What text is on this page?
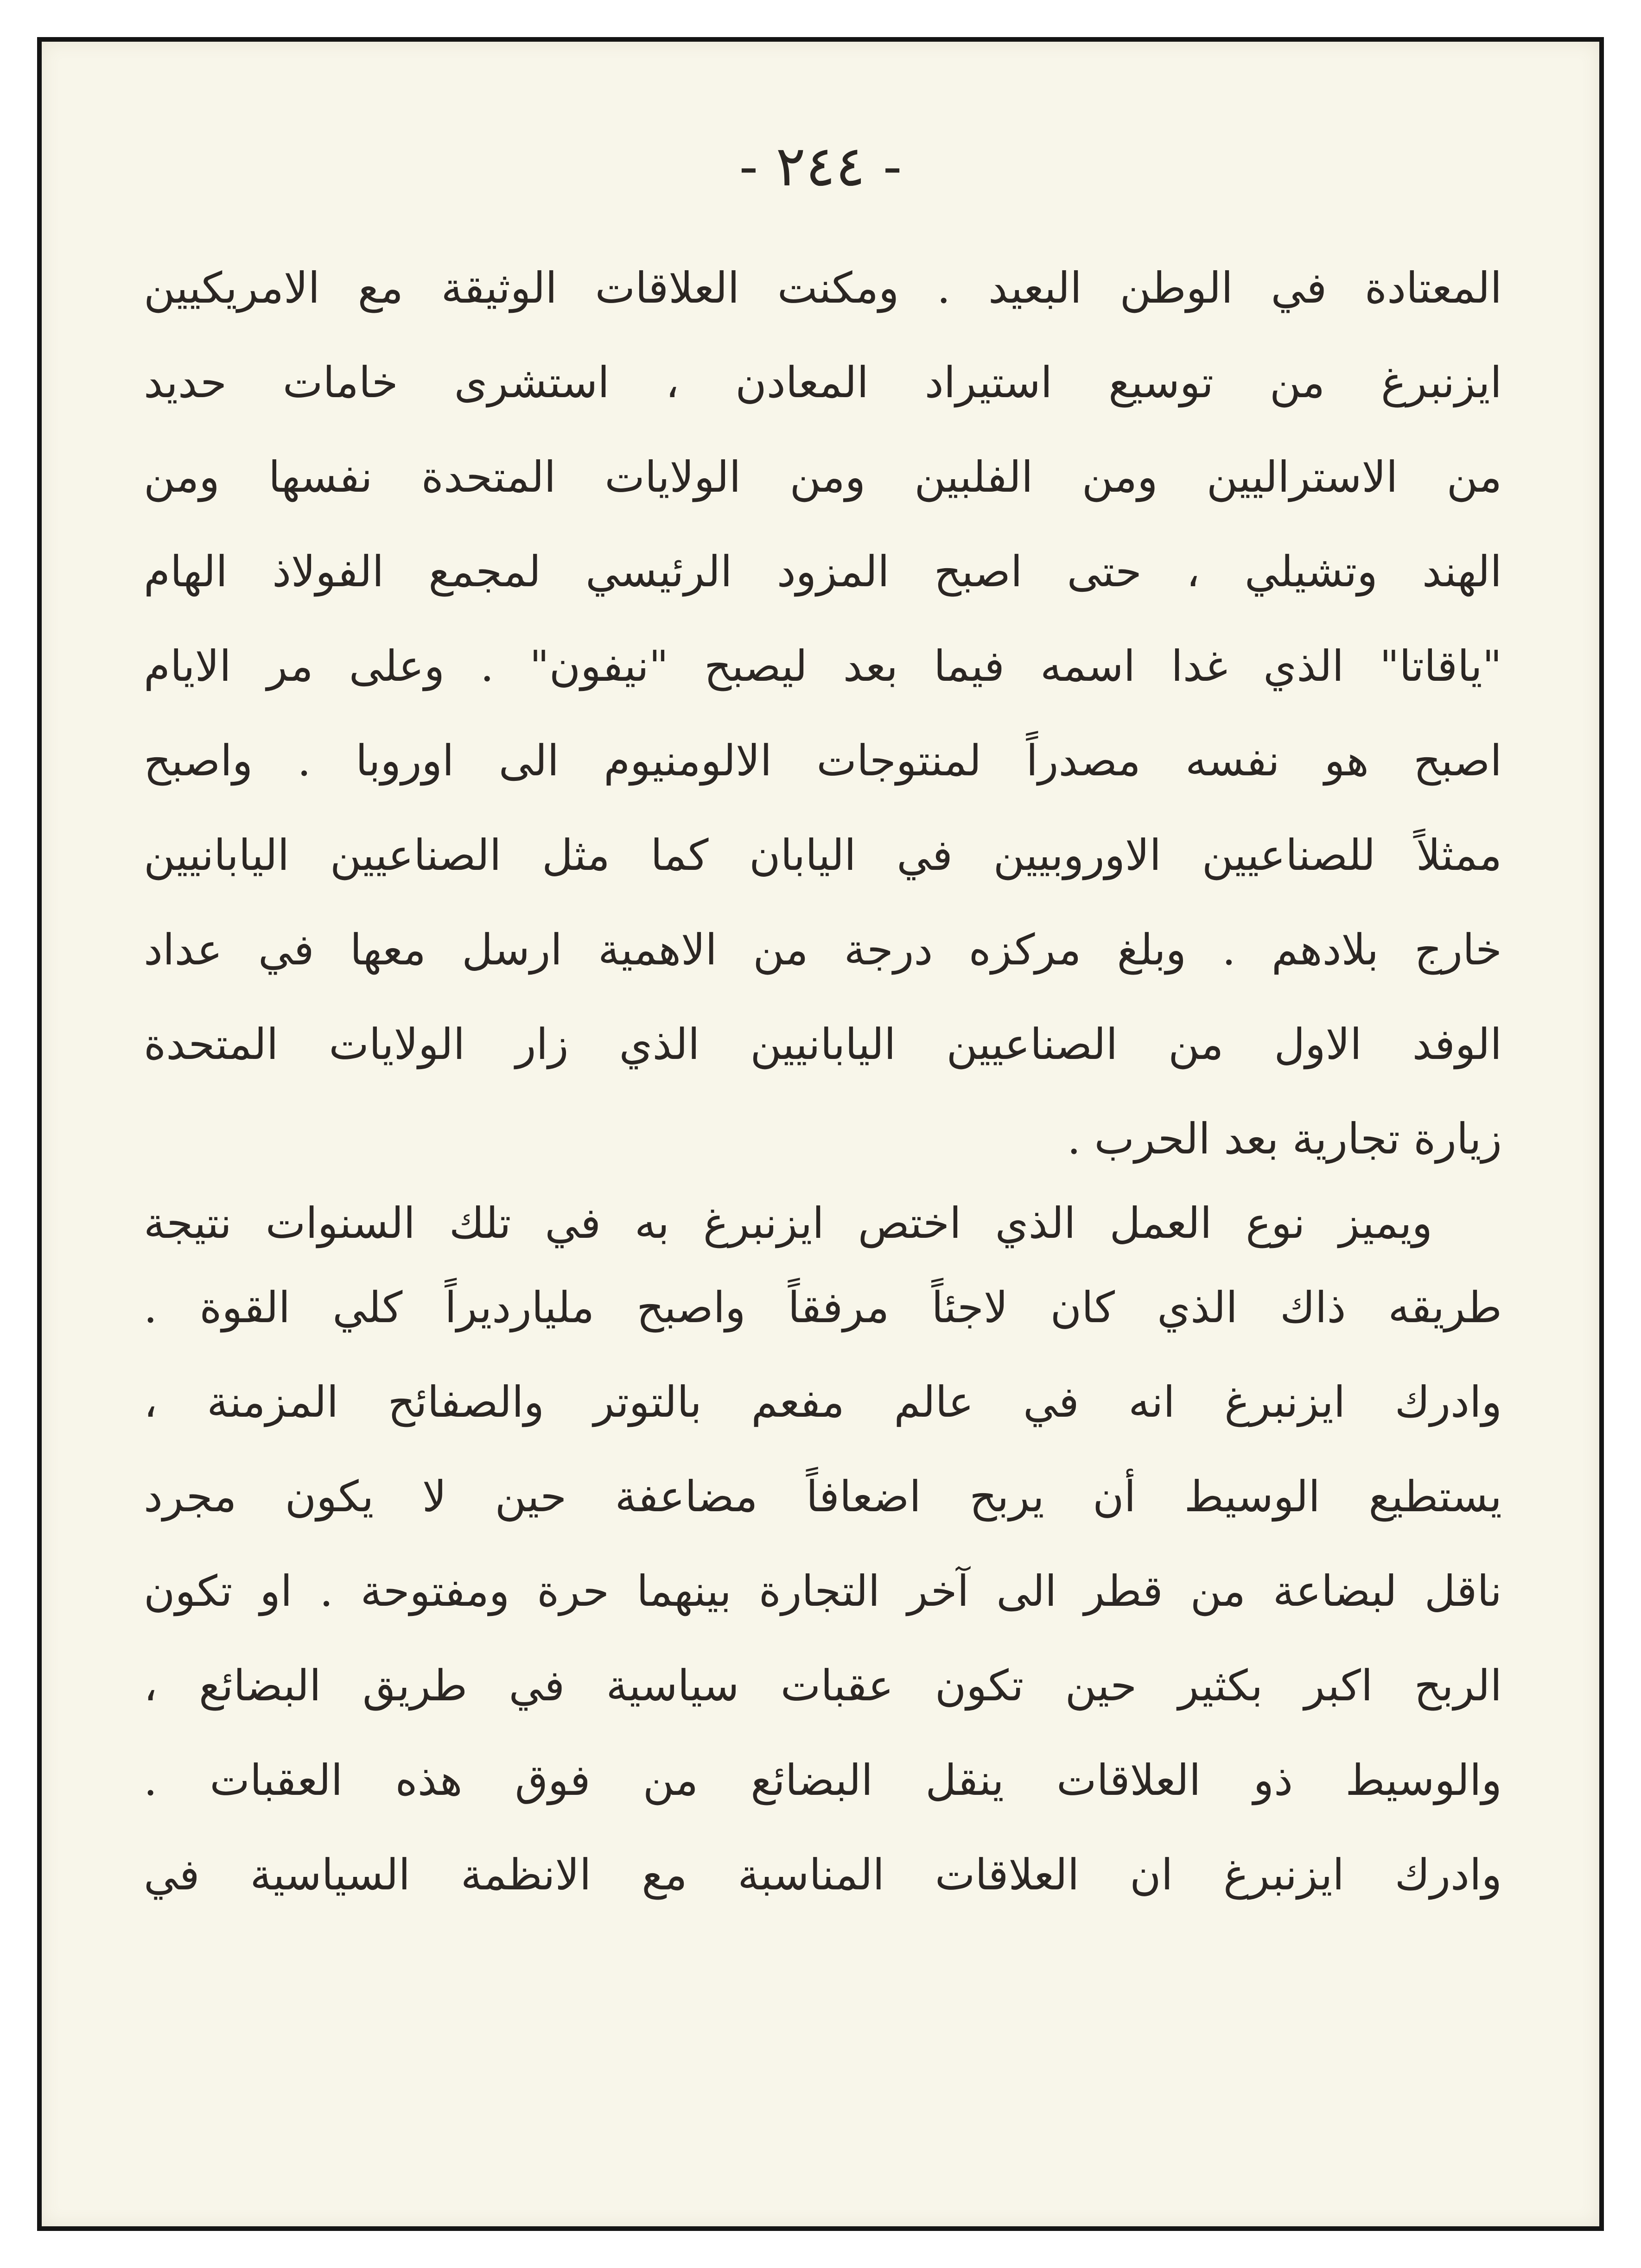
- ٢٤٤ -
المعتادة في الوطن البعيد . ومكنت العلاقات الوثيقة مع الامريكيين
ايزنبرغ من توسيع استيراد المعادن ، استشرى خامات حديد
من الاستراليين ومن الفلبين ومن الولايات المتحدة نفسها ومن
الهند وتشيلي ، حتى اصبح المزود الرئيسي لمجمع الفولاذ الهام
"ياقاتا" الذي غدا اسمه فيما بعد ليصبح "نيفون" . وعلى مر الايام
اصبح هو نفسه مصدراً لمنتوجات الالومنيوم الى اوروبا . واصبح
ممثلاً للصناعيين الاوروبيين في اليابان كما مثل الصناعيين اليابانيين
خارج بلادهم . وبلغ مركزه درجة من الاهمية ارسل معها في عداد
الوفد الاول من الصناعيين اليابانيين الذي زار الولايات المتحدة
زيارة تجارية بعد الحرب .
ويميز نوع العمل الذي اختص ايزنبرغ به في تلك السنوات نتيجة
طريقه ذاك الذي كان لاجئاً مرفقاً واصبح مليارديراً كلي القوة .
وادرك ايزنبرغ انه في عالم مفعم بالتوتر والصفائح المزمنة ،
يستطيع الوسيط أن يربح اضعافاً مضاعفة حين لا يكون مجرد
ناقل لبضاعة من قطر الى آخر التجارة بينهما حرة ومفتوحة . او تكون
الربح اكبر بكثير حين تكون عقبات سياسية في طريق البضائع ،
والوسيط ذو العلاقات ينقل البضائع من فوق هذه العقبات .
وادرك ايزنبرغ ان العلاقات المناسبة مع الانظمة السياسية في
